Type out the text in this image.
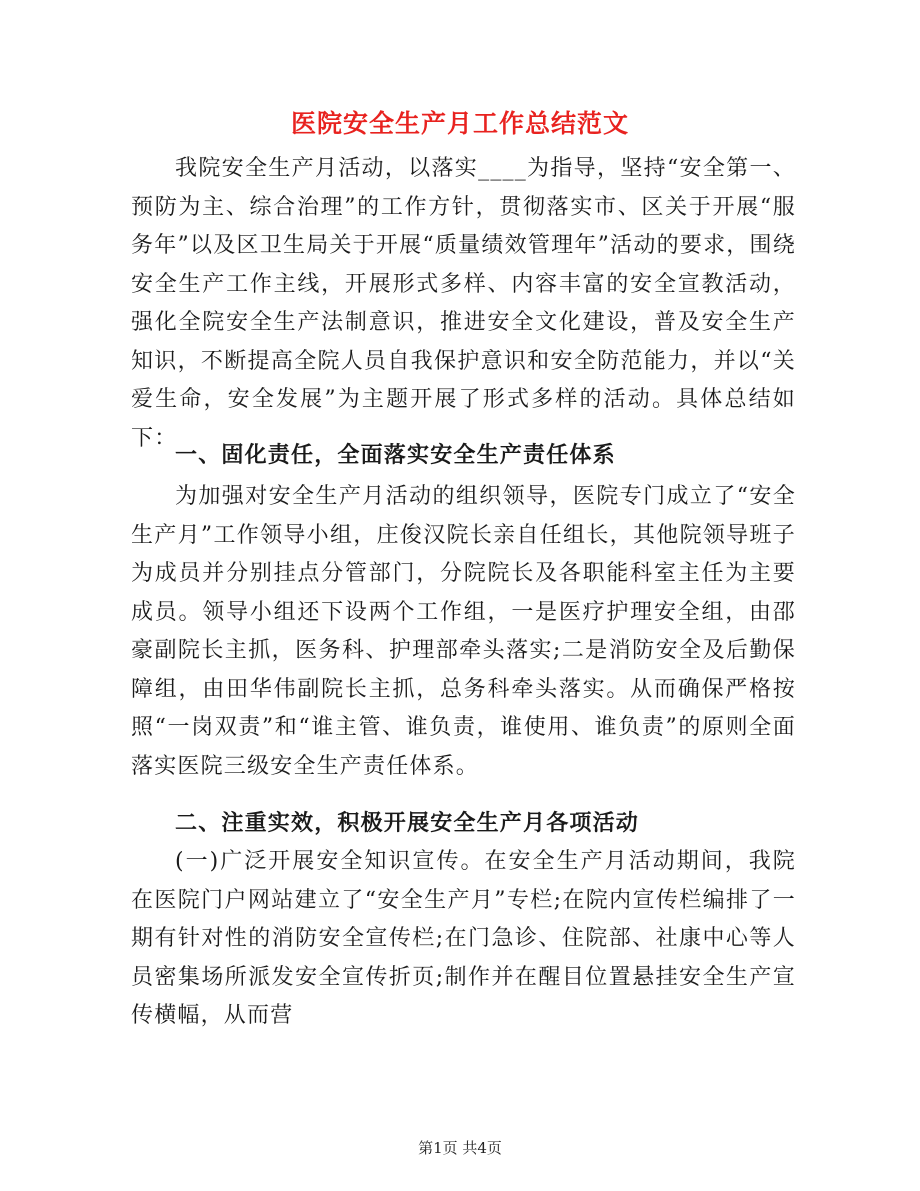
医院安全生产月工作总结范文
我院安全生产月活动，以落实____为指导，坚持“安全第一、预防为主、综合治理”的工作方针，贯彻落实市、区关于开展“服务年”以及区卫生局关于开展“质量绩效管理年”活动的要求，围绕安全生产工作主线，开展形式多样、内容丰富的安全宣教活动，强化全院安全生产法制意识，推进安全文化建设，普及安全生产知识，不断提高全院人员自我保护意识和安全防范能力，并以“关爱生命，安全发展”为主题开展了形式多样的活动。具体总结如下：
一、固化责任，全面落实安全生产责任体系
为加强对安全生产月活动的组织领导，医院专门成立了“安全生产月”工作领导小组，庄俊汉院长亲自任组长，其他院领导班子为成员并分别挂点分管部门，分院院长及各职能科室主任为主要成员。领导小组还下设两个工作组，一是医疗护理安全组，由邵豪副院长主抓，医务科、护理部牵头落实;二是消防安全及后勤保障组，由田华伟副院长主抓，总务科牵头落实。从而确保严格按照“一岗双责”和“谁主管、谁负责，谁使用、谁负责”的原则全面落实医院三级安全生产责任体系。
二、注重实效，积极开展安全生产月各项活动
(一)广泛开展安全知识宣传。在安全生产月活动期间，我院在医院门户网站建立了“安全生产月”专栏;在院内宣传栏编排了一期有针对性的消防安全宣传栏;在门急诊、住院部、社康中心等人员密集场所派发安全宣传折页;制作并在醒目位置悬挂安全生产宣传横幅，从而营
第1页 共4页
